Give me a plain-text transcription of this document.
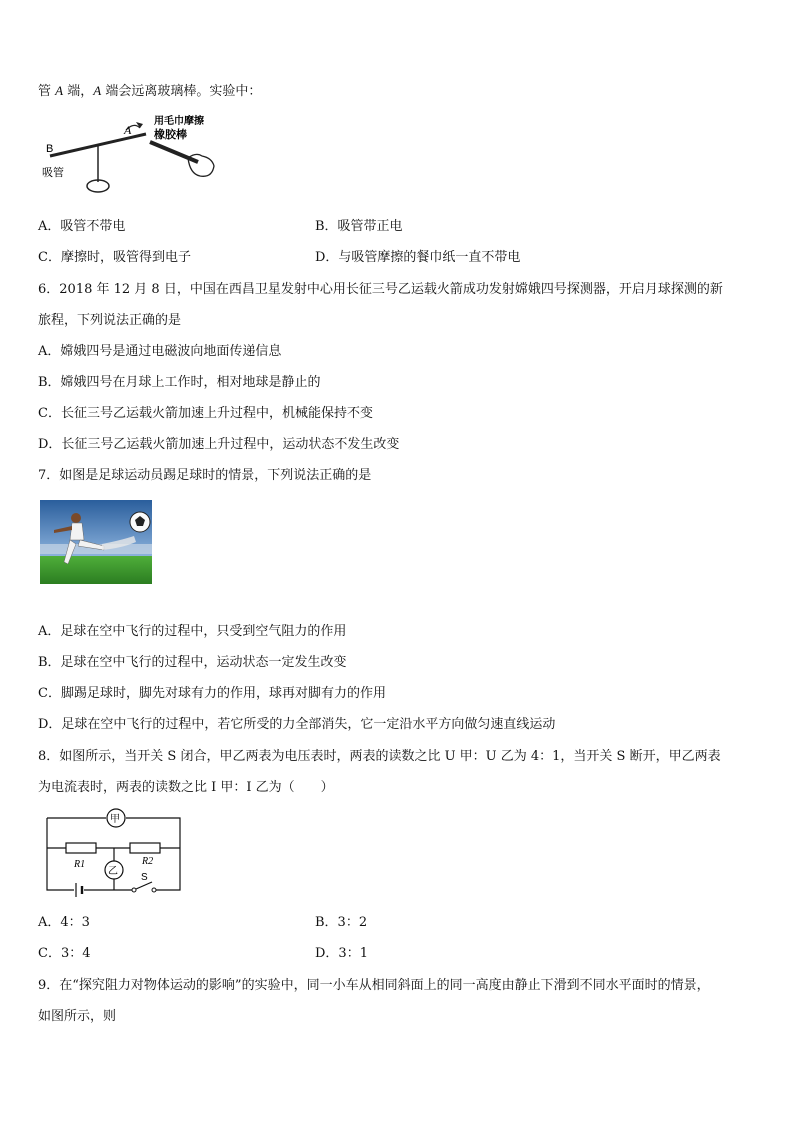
管 A 端，A 端会远离玻璃棒。实验中：
B
A
吸管
用毛巾摩擦
橡胶棒
A．吸管不带电	B．吸管带正电
C．摩擦时，吸管得到电子	D．与吸管摩擦的餐巾纸一直不带电
6．2018 年 12 月 8 日，中国在西昌卫星发射中心用长征三号乙运载火箭成功发射嫦娥四号探测器，开启月球探测的新
旅程，下列说法正确的是
A．嫦娥四号是通过电磁波向地面传递信息
B．嫦娥四号在月球上工作时，相对地球是静止的
C．长征三号乙运载火箭加速上升过程中，机械能保持不变
D．长征三号乙运载火箭加速上升过程中，运动状态不发生改变
7．如图是足球运动员踢足球时的情景，下列说法正确的是
A．足球在空中飞行的过程中，只受到空气阻力的作用
B．足球在空中飞行的过程中，运动状态一定发生改变
C．脚踢足球时，脚先对球有力的作用，球再对脚有力的作用
D．足球在空中飞行的过程中，若它所受的力全部消失，它一定沿水平方向做匀速直线运动
8．如图所示，当开关 S 闭合，甲乙两表为电压表时，两表的读数之比 U 甲：U 乙为 4：1，当开关 S 断开，甲乙两表
为电流表时，两表的读数之比 I 甲：I 乙为（　　）
甲
R1	R2
乙
S
A．4：3	B．3：2
C．3：4	D．3：1
9．在“探究阻力对物体运动的影响”的实验中，同一小车从相同斜面上的同一高度由静止下滑到不同水平面时的情景，
如图所示，则
